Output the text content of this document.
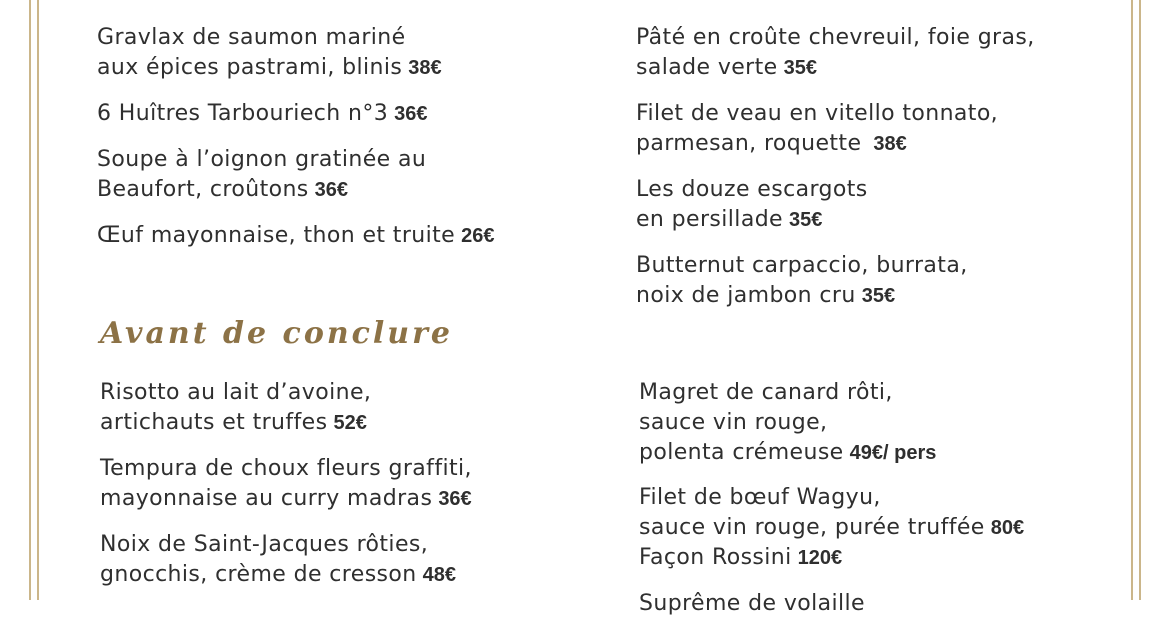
Gravlax de saumon mariné
aux épices pastrami, blinis 38€
6 Huîtres Tarbouriech n°3 36€
Soupe à l’oignon gratinée au
Beaufort, croûtons 36€
Œuf mayonnaise, thon et truite 26€
Pâté en croûte chevreuil, foie gras,
salade verte 35€
Filet de veau en vitello tonnato,
parmesan, roquette 38€
Les douze escargots
en persillade 35€
Butternut carpaccio, burrata,
noix de jambon cru 35€
Avant de conclure
Risotto au lait d’avoine,
artichauts et truffes 52€
Tempura de choux fleurs graffiti,
mayonnaise au curry madras 36€
Noix de Saint-Jacques rôties,
gnocchis, crème de cresson 48€
Magret de canard rôti,
sauce vin rouge,
polenta crémeuse 49€/ pers
Filet de bœuf Wagyu,
sauce vin rouge, purée truffée 80€
Façon Rossini 120€
Suprême de volaille
